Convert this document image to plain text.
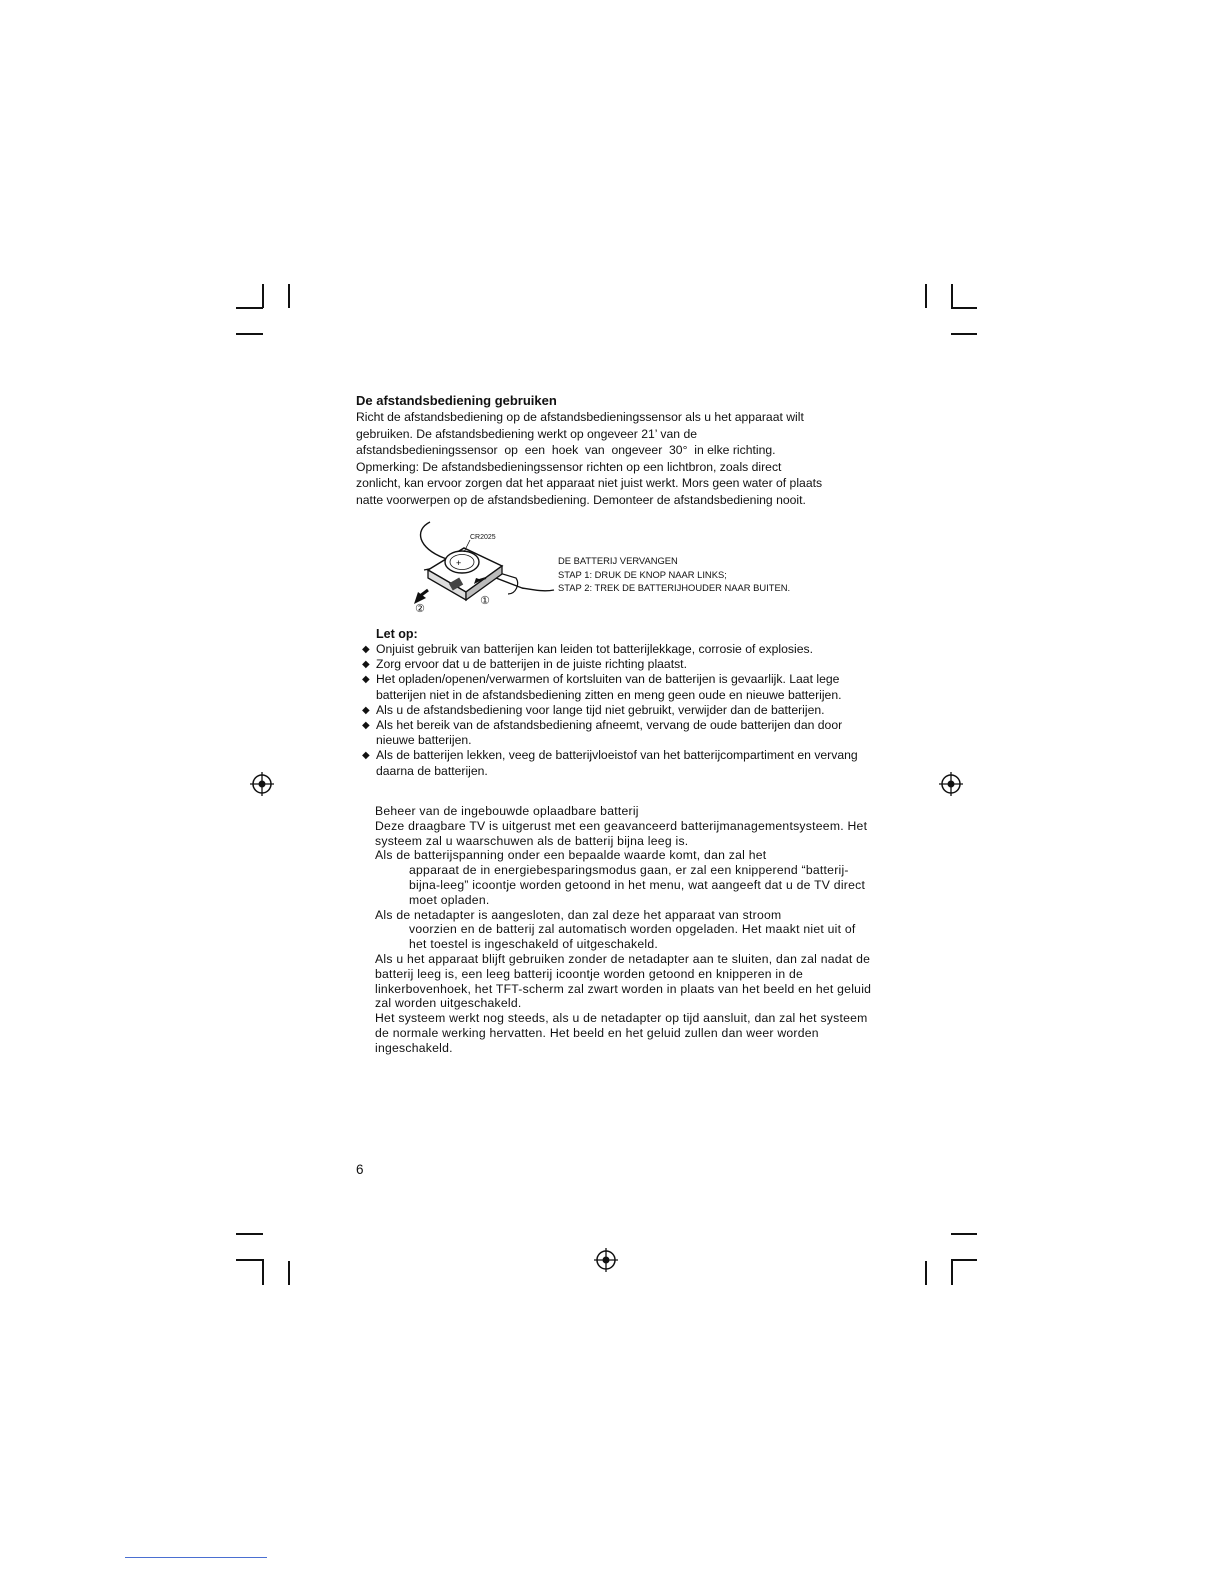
De afstandsbediening gebruiken

Richt de afstandsbediening op de afstandsbedieningssensor als u het apparaat wilt

gebruiken. De afstandsbediening werkt op ongeveer 21’ van de

afstandsbedieningssensor  op  een  hoek  van  ongeveer  30°  in elke richting.

Opmerking: De afstandsbedieningssensor richten op een lichtbron, zoals direct

zonlicht, kan ervoor zorgen dat het apparaat niet juist werkt. Mors geen water of plaats

natte voorwerpen op de afstandsbediening. Demonteer de afstandsbediening nooit.

+
CR2025
①
②
DE BATTERIJ VERVANGEN
STAP 1: DRUK DE KNOP NAAR LINKS;
STAP 2: TREK DE BATTERIJHOUDER NAAR BUITEN.
Let op:
◆ Onjuist gebruik van batterijen kan leiden tot batterijlekkage, corrosie of explosies.
◆ Zorg ervoor dat u de batterijen in de juiste richting plaatst.
◆ Het opladen/openen/verwarmen of kortsluiten van de batterijen is gevaarlijk. Laat lege batterijen niet in de afstandsbediening zitten en meng geen oude en nieuwe batterijen.
◆ Als u de afstandsbediening voor lange tijd niet gebruikt, verwijder dan de batterijen.
◆ Als het bereik van de afstandsbediening afneemt, vervang de oude batterijen dan door nieuwe batterijen.
◆ Als de batterijen lekken, veeg de batterijvloeistof van het batterijcompartiment en vervang daarna de batterijen.

Beheer van de ingebouwde oplaadbare batterij

Deze draagbare TV is uitgerust met een geavanceerd batterijmanagementsysteem. Het systeem zal u waarschuwen als de batterij bijna leeg is.

Als de batterijspanning onder een bepaalde waarde komt, dan zal het

apparaat de in energiebesparingsmodus gaan, er zal een knipperend “batterij-bijna-leeg” icoontje worden getoond in het menu, wat aangeeft dat u de TV direct moet opladen.

Als de netadapter is aangesloten, dan zal deze het apparaat van stroom

voorzien en de batterij zal automatisch worden opgeladen. Het maakt niet uit of het toestel is ingeschakeld of uitgeschakeld.

Als u het apparaat blijft gebruiken zonder de netadapter aan te sluiten, dan zal nadat de batterij leeg is, een leeg batterij icoontje worden getoond en knipperen in de linkerbovenhoek, het TFT-scherm zal zwart worden in plaats van het beeld en het geluid zal worden uitgeschakeld.

Het systeem werkt nog steeds, als u de netadapter op tijd aansluit, dan zal het systeem de normale werking hervatten. Het beeld en het geluid zullen dan weer worden ingeschakeld.

6
